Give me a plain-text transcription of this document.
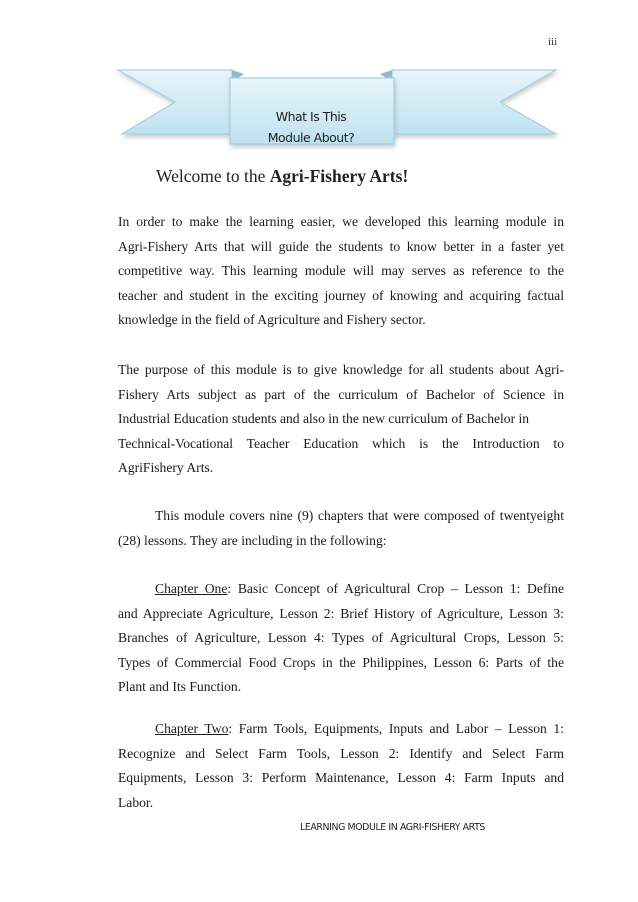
iii
What Is This
Module About?
Welcome to the Agri-Fishery Arts!
In order to make the learning easier, we developed this learning module in
Agri-Fishery Arts that will guide the students to know better in a faster yet
competitive way. This learning module will may serves as reference to the
teacher and student in the exciting journey of knowing and acquiring factual
knowledge in the field of Agriculture and Fishery sector.
The purpose of this module is to give knowledge for all students about Agri-
Fishery Arts subject as part of the curriculum of Bachelor of Science in
Industrial Education students and also in the new curriculum of Bachelor in
Technical-Vocational Teacher Education which is the Introduction to
AgriFishery Arts.
This module covers nine (9) chapters that were composed of twentyeight
(28) lessons. They are including in the following:
Chapter One: Basic Concept of Agricultural Crop – Lesson 1: Define
and Appreciate Agriculture, Lesson 2: Brief History of Agriculture, Lesson 3:
Branches of Agriculture, Lesson 4: Types of Agricultural Crops, Lesson 5:
Types of Commercial Food Crops in the Philippines, Lesson 6: Parts of the
Plant and Its Function.
Chapter Two: Farm Tools, Equipments, Inputs and Labor – Lesson 1:
Recognize and Select Farm Tools, Lesson 2: Identify and Select Farm
Equipments, Lesson 3: Perform Maintenance, Lesson 4: Farm Inputs and
Labor.
LEARNING MODULE IN AGRI-FISHERY ARTS
